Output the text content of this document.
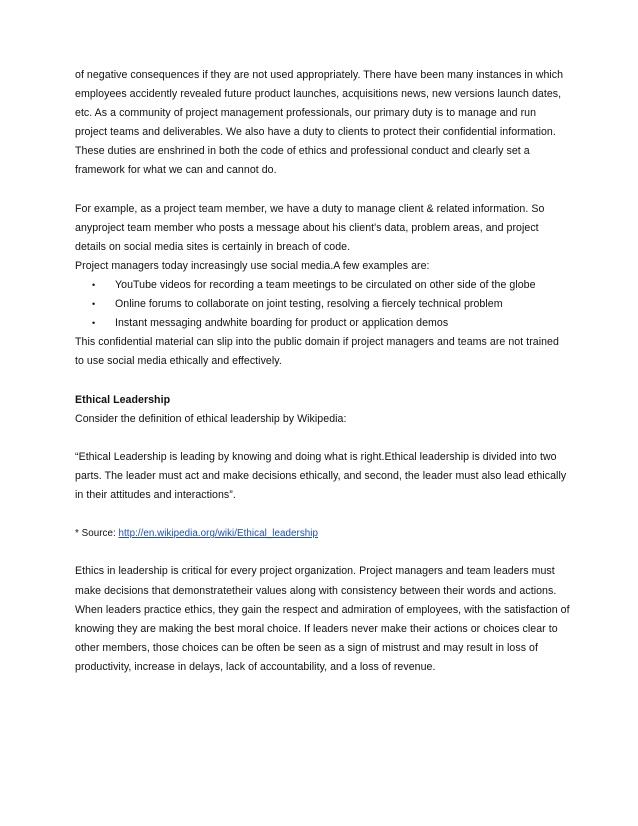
of negative consequences if they are not used appropriately. There have been many instances in which employees accidently revealed future product launches, acquisitions news, new versions launch dates, etc. As a community of project management professionals, our primary duty is to manage and run project teams and deliverables. We also have a duty to clients to protect their confidential information. These duties are enshrined in both the code of ethics and professional conduct and clearly set a framework for what we can and cannot do.

For example, as a project team member, we have a duty to manage client & related information. So anyproject team member who posts a message about his client's data, problem areas, and project details on social media sites is certainly in breach of code.

Project managers today increasingly use social media.A few examples are:

• YouTube videos for recording a team meetings to be circulated on other side of the globe
• Online forums to collaborate on joint testing, resolving a fiercely technical problem
• Instant messaging andwhite boarding for product or application demos

This confidential material can slip into the public domain if project managers and teams are not trained to use social media ethically and effectively.

Ethical Leadership

Consider the definition of ethical leadership by Wikipedia:

“Ethical Leadership is leading by knowing and doing what is right.Ethical leadership is divided into two parts. The leader must act and make decisions ethically, and second, the leader must also lead ethically in their attitudes and interactions”.

* Source: http://en.wikipedia.org/wiki/Ethical_leadership

Ethics in leadership is critical for every project organization. Project managers and team leaders must make decisions that demonstratetheir values along with consistency between their words and actions. When leaders practice ethics, they gain the respect and admiration of employees, with the satisfaction of knowing they are making the best moral choice. If leaders never make their actions or choices clear to other members, those choices can be often be seen as a sign of mistrust and may result in loss of productivity, increase in delays, lack of accountability, and a loss of revenue.
